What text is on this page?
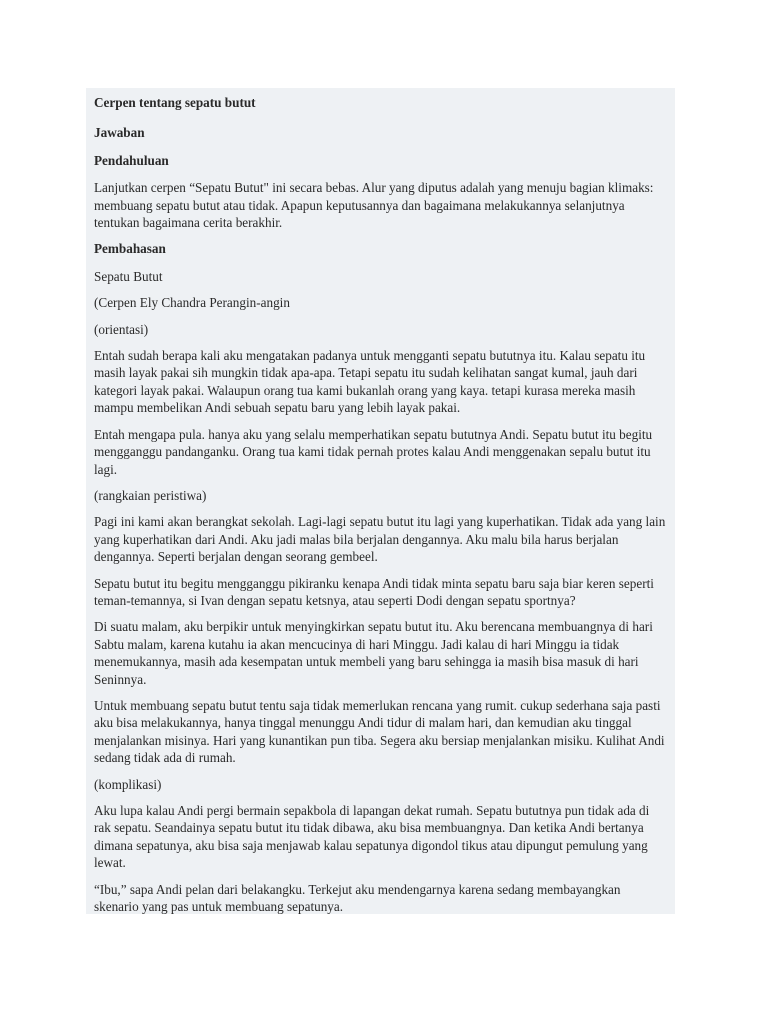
Cerpen tentang sepatu butut

Jawaban

Pendahuluan

Lanjutkan cerpen “Sepatu Butut" ini secara bebas. Alur yang diputus adalah yang menuju bagian klimaks: membuang sepatu butut atau tidak. Apapun keputusannya dan bagaimana melakukannya selanjutnya tentukan bagaimana cerita berakhir.

Pembahasan

Sepatu Butut

(Cerpen Ely Chandra Perangin-angin

(orientasi)

Entah sudah berapa kali aku mengatakan padanya untuk mengganti sepatu bututnya itu. Kalau sepatu itu masih layak pakai sih mungkin tidak apa-apa. Tetapi sepatu itu sudah kelihatan sangat kumal, jauh dari kategori layak pakai. Walaupun orang tua kami bukanlah orang yang kaya. tetapi kurasa mereka masih mampu membelikan Andi sebuah sepatu baru yang lebih layak pakai.

Entah mengapa pula. hanya aku yang selalu memperhatikan sepatu bututnya Andi. Sepatu butut itu begitu mengganggu pandanganku. Orang tua kami tidak pernah protes kalau Andi menggenakan sepalu butut itu lagi.

(rangkaian peristiwa)

Pagi ini kami akan berangkat sekolah. Lagi-lagi sepatu butut itu lagi yang kuperhatikan. Tidak ada yang lain yang kuperhatikan dari Andi. Aku jadi malas bila berjalan dengannya. Aku malu bila harus berjalan dengannya. Seperti berjalan dengan seorang gembeel.

Sepatu butut itu begitu mengganggu pikiranku kenapa Andi tidak minta sepatu baru saja biar keren seperti teman-temannya, si Ivan dengan sepatu ketsnya, atau seperti Dodi dengan sepatu sportnya?

Di suatu malam, aku berpikir untuk menyingkirkan sepatu butut itu. Aku berencana membuangnya di hari Sabtu malam, karena kutahu ia akan mencucinya di hari Minggu. Jadi kalau di hari Minggu ia tidak menemukannya, masih ada kesempatan untuk membeli yang baru sehingga ia masih bisa masuk di hari Seninnya.

Untuk membuang sepatu butut tentu saja tidak memerlukan rencana yang rumit. cukup sederhana saja pasti aku bisa melakukannya, hanya tinggal menunggu Andi tidur di malam hari, dan kemudian aku tinggal menjalankan misinya. Hari yang kunantikan pun tiba. Segera aku bersiap menjalankan misiku. Kulihat Andi sedang tidak ada di rumah.

(komplikasi)

Aku lupa kalau Andi pergi bermain sepakbola di lapangan dekat rumah. Sepatu bututnya pun tidak ada di rak sepatu. Seandainya sepatu butut itu tidak dibawa, aku bisa membuangnya. Dan ketika Andi bertanya dimana sepatunya, aku bisa saja menjawab kalau sepatunya digondol tikus atau dipungut pemulung yang lewat.

“Ibu,” sapa Andi pelan dari belakangku. Terkejut aku mendengarnya karena sedang membayangkan skenario yang pas untuk membuang sepatunya.
